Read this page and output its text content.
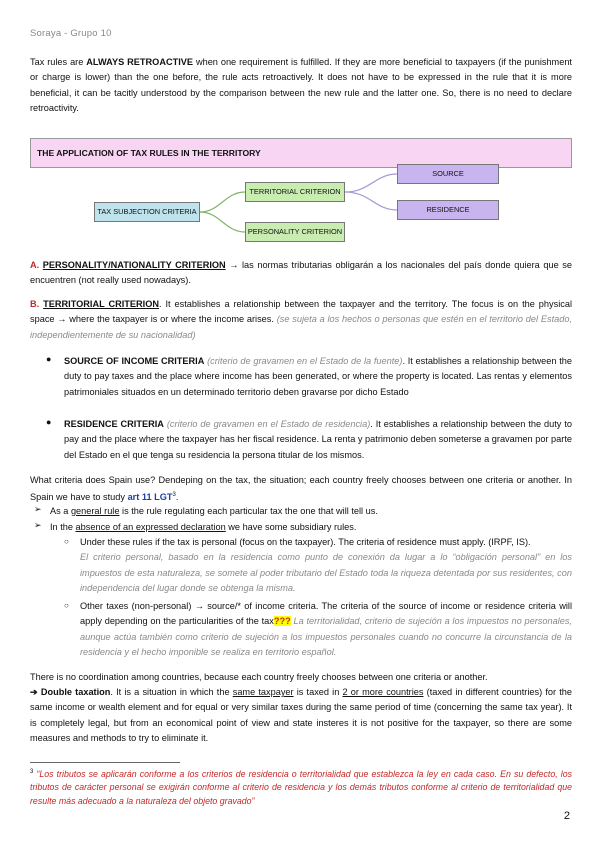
Soraya - Grupo 10
Tax rules are ALWAYS RETROACTIVE when one requirement is fulfilled. If they are more beneficial to taxpayers (if the punishment or charge is lower) than the one before, the rule acts retroactively. It does not have to be expressed in the rule that it is more beneficial, it can be tacitly understood by the comparison between the new rule and the latter one. So, there is no need to declare retroactivity.
THE APPLICATION OF TAX RULES IN THE TERRITORY
TAX SUBJECTION CRITERIA
TERRITORIAL CRITERION
PERSONALITY CRITERION
SOURCE
RESIDENCE
A. PERSONALITY/NATIONALITY CRITERION → las normas tributarias obligarán a los nacionales del país donde quiera que se encuentren (not really used nowadays).
B. TERRITORIAL CRITERION. It establishes a relationship between the taxpayer and the territory. The focus is on the physical space → where the taxpayer is or where the income arises. (se sujeta a los hechos o personas que estén en el territorio del Estado, independientemente de su nacionalidad)
● SOURCE OF INCOME CRITERIA (criterio de gravamen en el Estado de la fuente). It establishes a relationship between the duty to pay taxes and the place where income has been generated, or where the property is located. Las rentas y elementos patrimoniales situados en un determinado territorio deben gravarse por dicho Estado
● RESIDENCE CRITERIA (criterio de gravamen en el Estado de residencia). It establishes a relationship between the duty to pay and the place where the taxpayer has her fiscal residence. La renta y patrimonio deben someterse a gravamen por parte del Estado en el que tenga su residencia la persona titular de los mismos.
What criteria does Spain use? Dendeping on the tax, the situation; each country freely chooses between one criteria or another. In Spain we have to study art 11 LGT$^3$.
➢ As a general rule is the rule regulating each particular tax the one that will tell us.
➢ In the absence of an expressed declaration we have some subsidiary rules.
○ Under these rules if the tax is personal (focus on the taxpayer). The criteria of residence must apply. (IRPF, IS).
El criterio personal, basado en la residencia como punto de conexión da lugar a lo “obligación personal” en los impuestos de esta naturaleza, se somete al poder tributario del Estado toda la riqueza detentada por sus residentes, con independencia del lugar donde se obtenga la misma.
○ Other taxes (non-personal) → source/* of income criteria. The criteria of the source of income or residence criteria will apply depending on the particularities of the tax??? La territorialidad, criterio de sujeción a los impuestos no personales, aunque actúa también como criterio de sujeción a los impuestos personales cuando no concurre la circunstancia de la residencia y el hecho imponible se realiza en territorio español.
There is no coordination among countries, because each country freely chooses between one criteria or another.
➔ Double taxation. It is a situation in which the same taxpayer is taxed in 2 or more countries (taxed in different countries) for the same income or wealth element and for equal or very similar taxes during the same period of time (concerning the same tax year). It is completely legal, but from an economical point of view and state insteres it is not positive for the taxpayer, so there are some measures and methods to try to eliminate it.
$^3$ “Los tributos se aplicarán conforme a los criterios de residencia o territorialidad que establezca la ley en cada caso. En su defecto, los tributos de carácter personal se exigirán conforme al criterio de residencia y los demás tributos conforme al criterio de territorialidad que resulte más adecuado a la naturaleza del objeto gravado”
2
